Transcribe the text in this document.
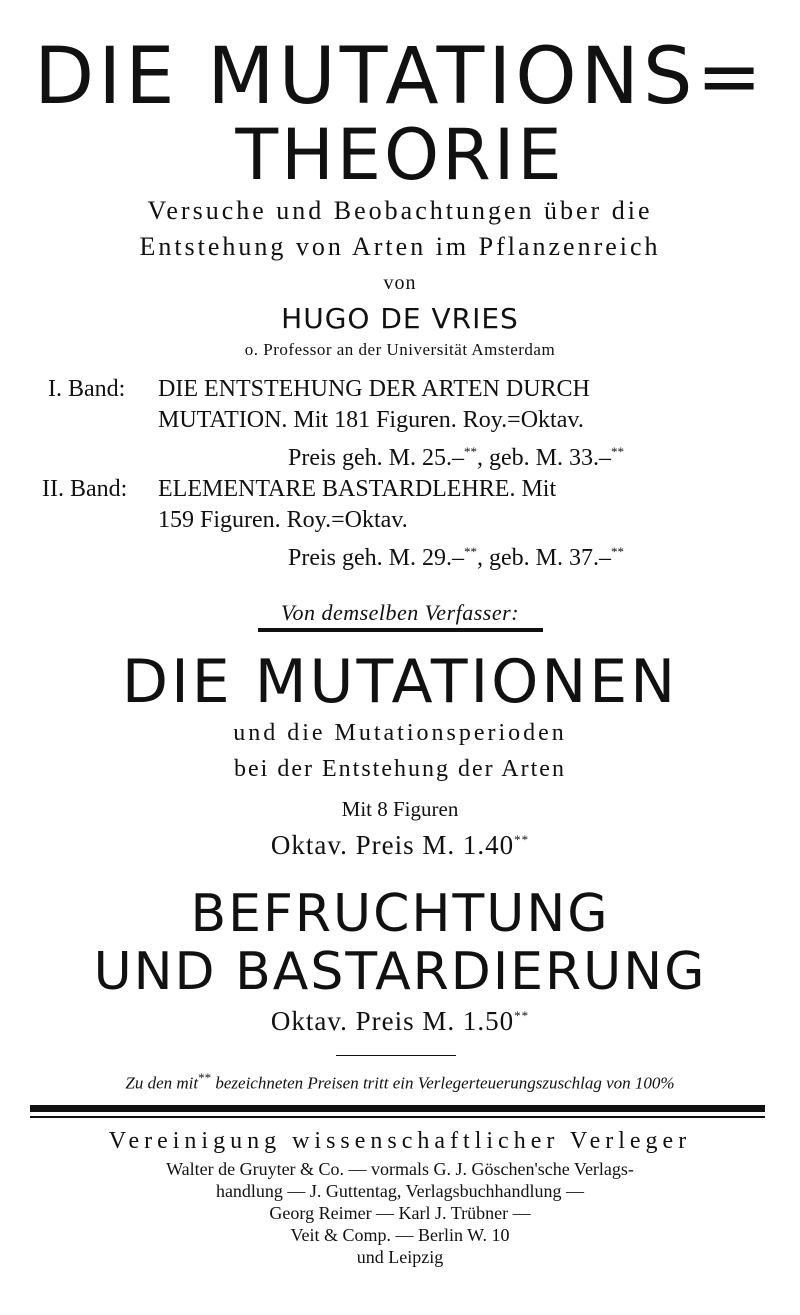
DIE MUTATIONS=
THEORIE
Versuche und Beobachtungen über die
Entstehung von Arten im Pflanzenreich
von
HUGO DE VRIES
o. Professor an der Universität Amsterdam
I. Band: DIE ENTSTEHUNG DER ARTEN DURCH
MUTATION. Mit 181 Figuren. Roy.=Oktav.
Preis geh. M. 25.–**, geb. M. 33.–**
II. Band: ELEMENTARE BASTARDLEHRE. Mit
159 Figuren. Roy.=Oktav.
Preis geh. M. 29.–**, geb. M. 37.–**
Von demselben Verfasser:
DIE MUTATIONEN
und die Mutationsperioden
bei der Entstehung der Arten
Mit 8 Figuren
Oktav. Preis M. 1.40**
BEFRUCHTUNG
UND BASTARDIERUNG
Oktav. Preis M. 1.50**
Zu den mit** bezeichneten Preisen tritt ein Verlegerteuerungszuschlag von 100%
Vereinigung wissenschaftlicher Verleger
Walter de Gruyter & Co. — vormals G. J. Göschen'sche Verlags-
handlung — J. Guttentag, Verlagsbuchhandlung —
Georg Reimer — Karl J. Trübner —
Veit & Comp. — Berlin W. 10
und Leipzig
